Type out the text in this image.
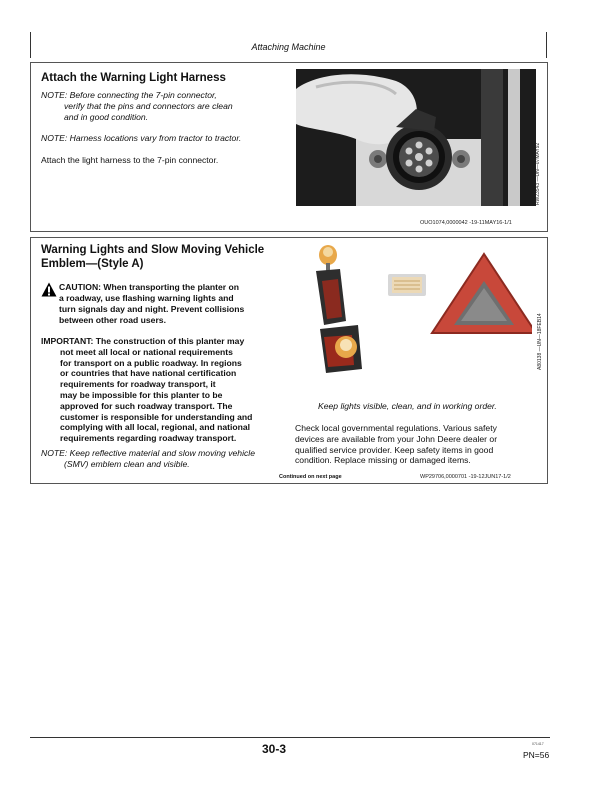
Attaching Machine
Attach the Warning Light Harness
NOTE: Before connecting the 7-pin connector,
verify that the pins and connectors are clean
and in good condition.
NOTE: Harness locations vary from tractor to tractor.
Attach the light harness to the 7-pin connector.	RW23543 —UN—07MAY92
OUO1074,0000042 -19-11MAY16-1/1
Warning Lights and Slow Moving Vehicle
Emblem—(Style A)
CAUTION: When transporting the planter on
a roadway, use flashing warning lights and
turn signals day and night. Prevent collisions
between other road users.
IMPORTANT: The construction of this planter may
not meet all local or national requirements
for transport on a public roadway. In regions
or countries that have national certification
requirements for roadway transport, it
may be impossible for this planter to be
approved for such roadway transport. The
customer is responsible for understanding and
complying with all local, regional, and national
requirements regarding roadway transport.
NOTE: Keep reflective material and slow moving vehicle
(SMV) emblem clean and visible.
A80138 —UN—18FEB14
Keep lights visible, clean, and in working order.
Check local governmental regulations. Various safety
devices are available from your John Deere dealer or
qualified service provider. Keep safety items in good
condition. Replace missing or damaged items.
Continued on next page	WP29706,0000701 -19-12JUN17-1/2
30-3	071417
PN=56
